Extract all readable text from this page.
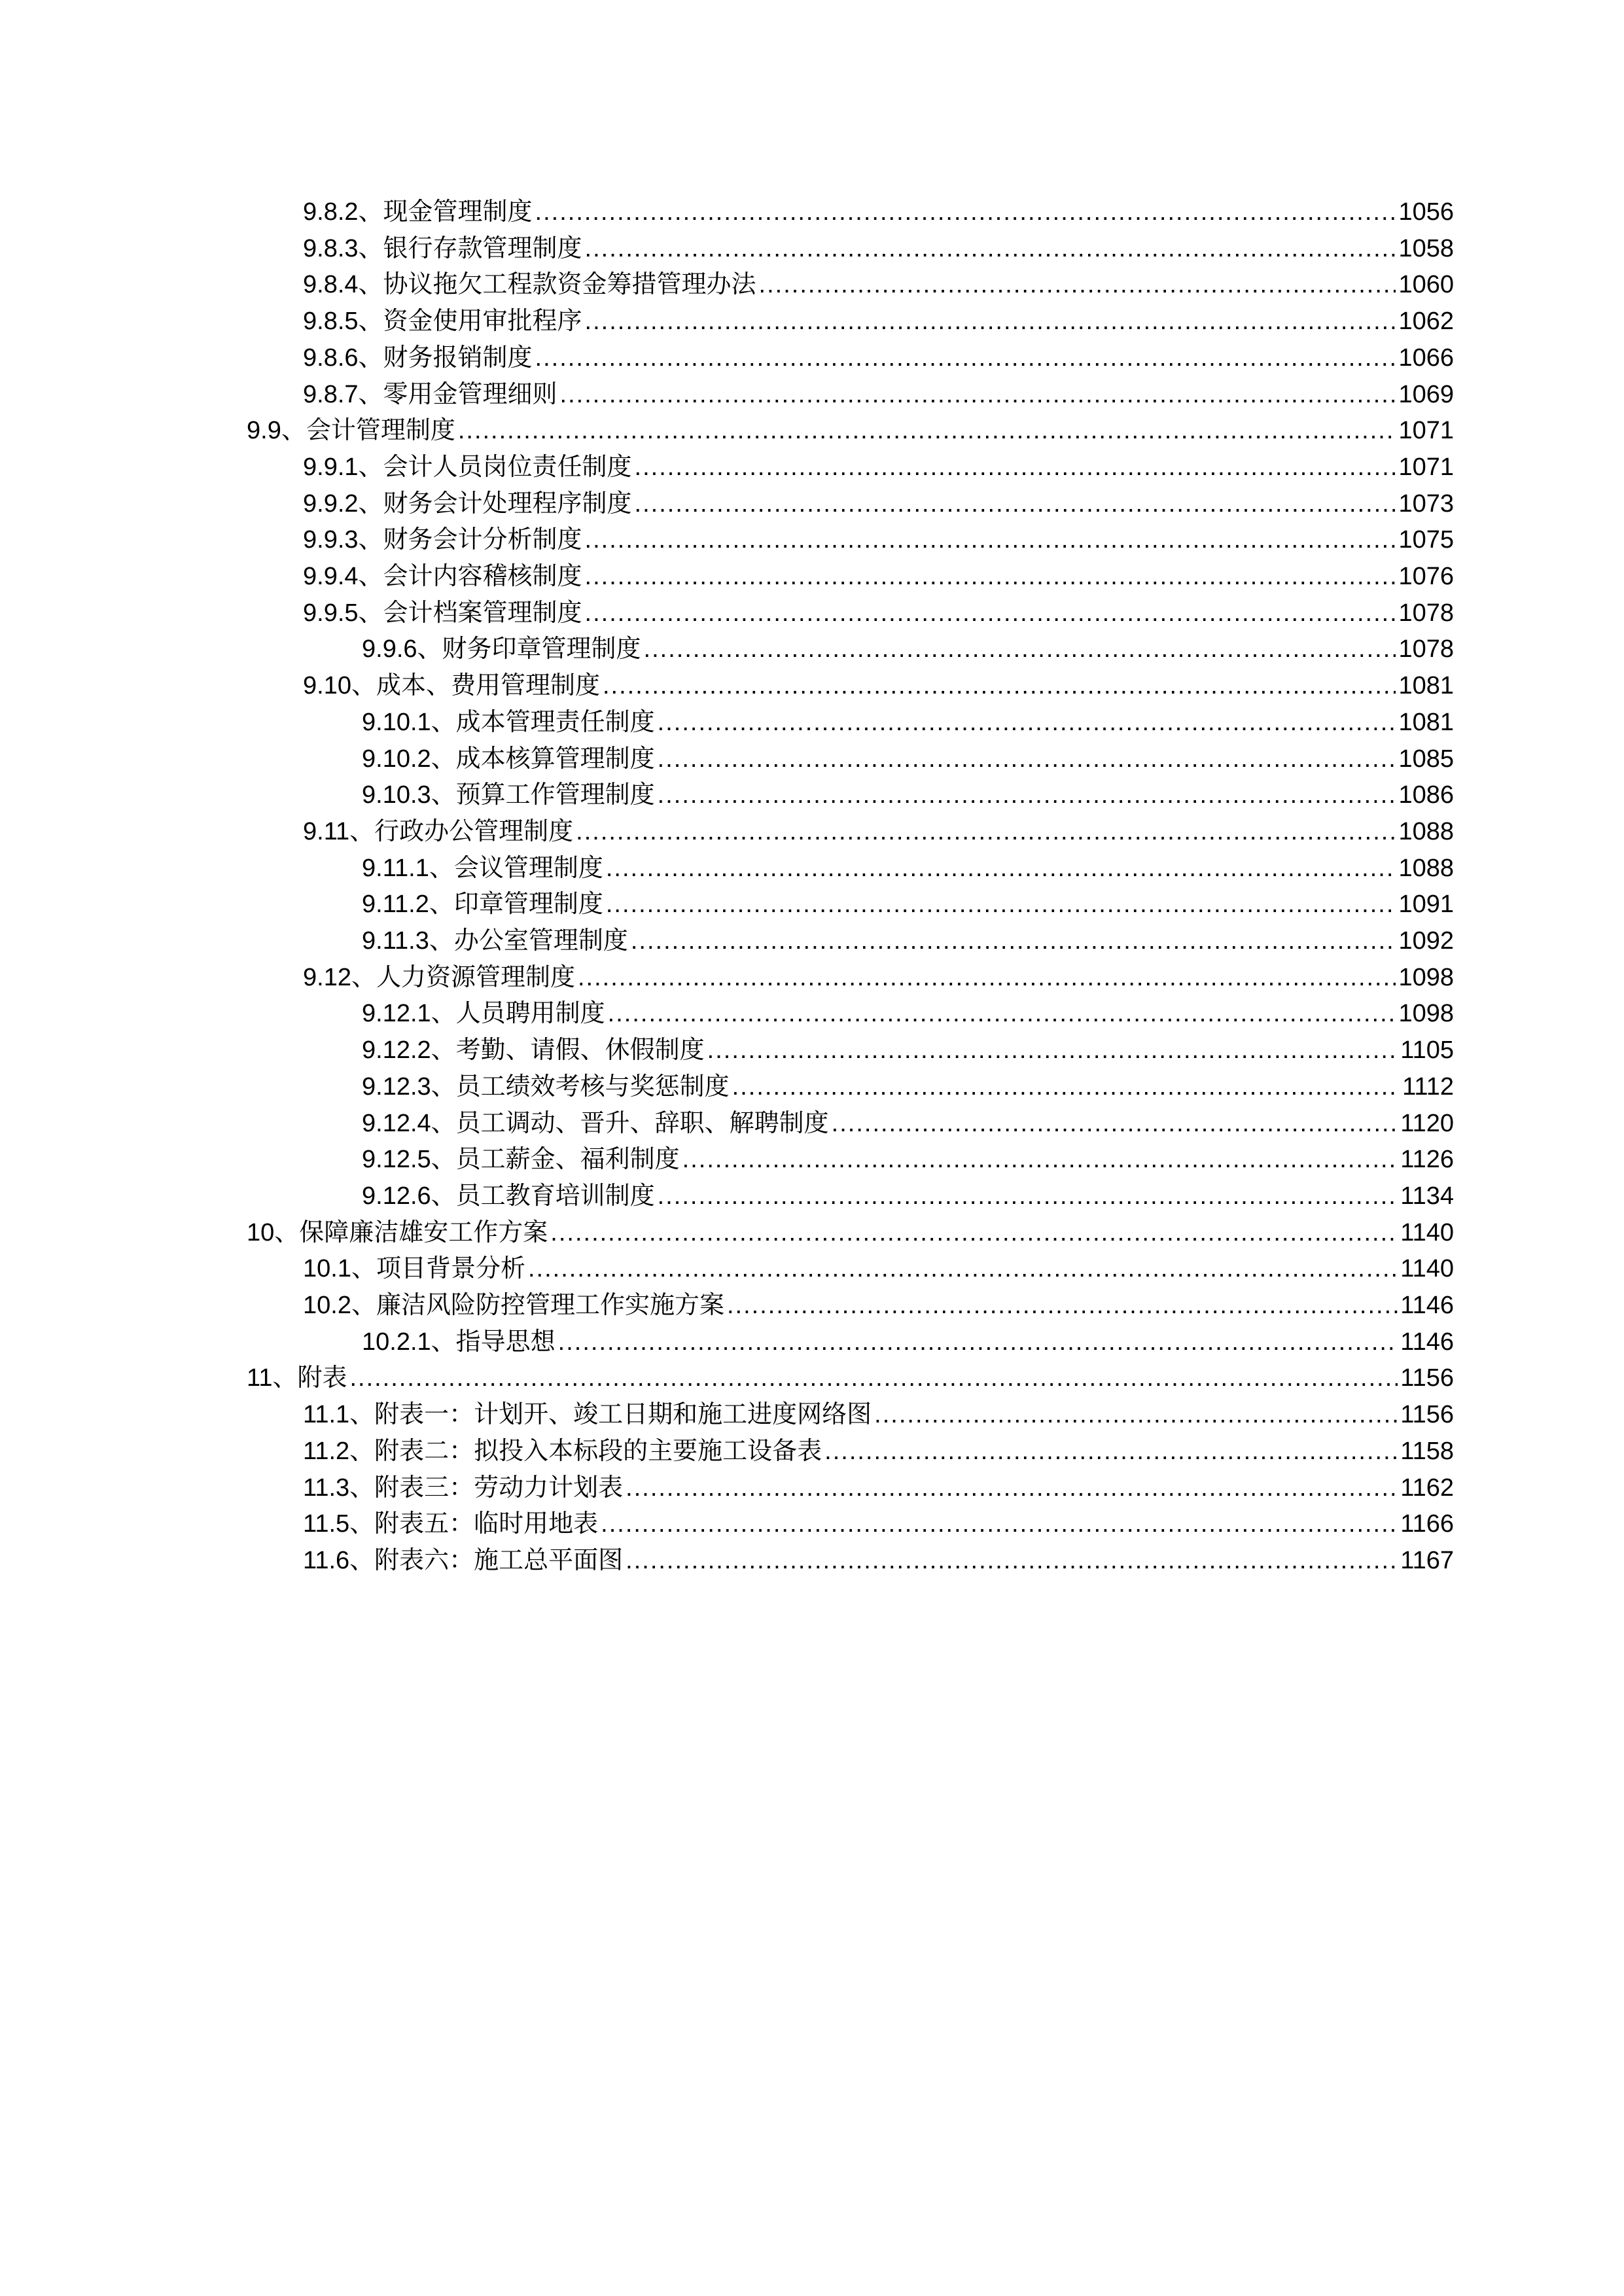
9.8.2、现金管理制度 .....	1056
9.8.3、银行存款管理制度 .....	1058
9.8.4、协议拖欠工程款资金筹措管理办法 .....	1060
9.8.5、资金使用审批程序 .....	1062
9.8.6、财务报销制度 .....	1066
9.8.7、零用金管理细则 .....	1069
9.9、会计管理制度 .....	1071
9.9.1、会计人员岗位责任制度 .....	1071
9.9.2、财务会计处理程序制度 .....	1073
9.9.3、财务会计分析制度 .....	1075
9.9.4、会计内容稽核制度 .....	1076
9.9.5、会计档案管理制度 .....	1078
9.9.6、财务印章管理制度 .....	1078
9.10、成本、费用管理制度 .....	1081
9.10.1、成本管理责任制度 .....	1081
9.10.2、成本核算管理制度 .....	1085
9.10.3、预算工作管理制度 .....	1086
9.11、行政办公管理制度 .....	1088
9.11.1、会议管理制度 .....	1088
9.11.2、印章管理制度 .....	1091
9.11.3、办公室管理制度 .....	1092
9.12、人力资源管理制度 .....	1098
9.12.1、人员聘用制度 .....	1098
9.12.2、考勤、请假、休假制度 .....	1105
9.12.3、员工绩效考核与奖惩制度 .....	1112
9.12.4、员工调动、晋升、辞职、解聘制度 .....	1120
9.12.5、员工薪金、福利制度 .....	1126
9.12.6、员工教育培训制度 .....	1134
10、保障廉洁雄安工作方案 .....	1140
10.1、项目背景分析 .....	1140
10.2、廉洁风险防控管理工作实施方案 .....	1146
10.2.1、指导思想 .....	1146
11、附表 .....	1156
11.1、附表一：计划开、竣工日期和施工进度网络图 .....	1156
11.2、附表二：拟投入本标段的主要施工设备表 .....	1158
11.3、附表三：劳动力计划表 .....	1162
11.5、附表五：临时用地表 .....	1166
11.6、附表六：施工总平面图 .....	1167
